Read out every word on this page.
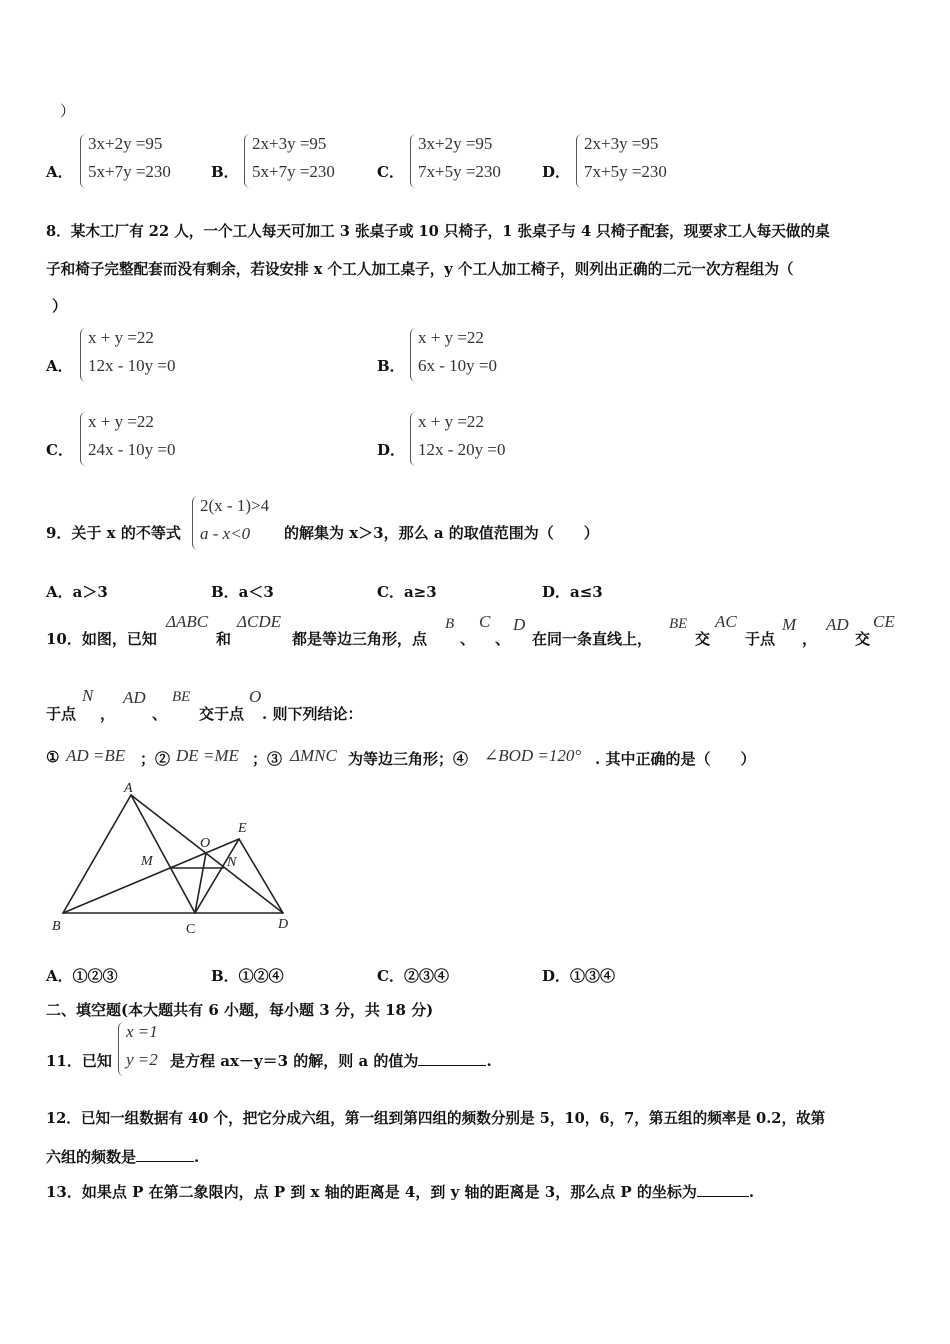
）
A．
3x+2y =95
5x+7y =230	B．
2x+3y =95
5x+7y =230	C．
3x+2y =95
7x+5y =230	D．
2x+3y =95
7x+5y =230
8．某木工厂有 22 人，一个工人每天可加工 3 张桌子或 10 只椅子，1 张桌子与 4 只椅子配套，现要求工人每天做的桌
子和椅子完整配套而没有剩余，若设安排 x 个工人加工桌子，y 个工人加工椅子，则列出正确的二元一次方程组为（
）
A．
x + y =22
12x - 10y =0	B．
x + y =22
6x - 10y =0
C．
x + y =22
24x - 10y =0	D．
x + y =22
12x - 20y =0
9．关于 x 的不等式
2(x - 1)>4
a - x<0 的解集为 x＞3，那么 a 的取值范围为（　　）
A．a＞3	B．a＜3	C．a≥3	D．a≤3
10．如图，已知
ΔABC
和
ΔCDE
都是等边三角形，点
B
、
C
、
D
在同一条直线上，
BE
交
AC
于点
M
，
AD
交
CE
于点
N
，
AD
、
BE
交于点
O
. 则下列结论：
① AD =BE ；② DE =ME ；③ ΔMNC 为等边三角形；④ ∠BOD =120° . 其中正确的是（　　）
A
B	C	D
E
M	N
O
A．①②③	B．①②④	C．②③④	D．①③④
二、填空题(本大题共有 6 小题，每小题 3 分，共 18 分)
11．已知
x =1
y =2 是方程 ax－y＝3 的解，则 a 的值为	.
12．已知一组数据有 40 个，把它分成六组，第一组到第四组的频数分别是 5，10，6，7，第五组的频率是 0.2，故第
六组的频数是	.
13．如果点 P 在第二象限内，点 P 到 x 轴的距离是 4，到 y 轴的距离是 3，那么点 P 的坐标为	.
